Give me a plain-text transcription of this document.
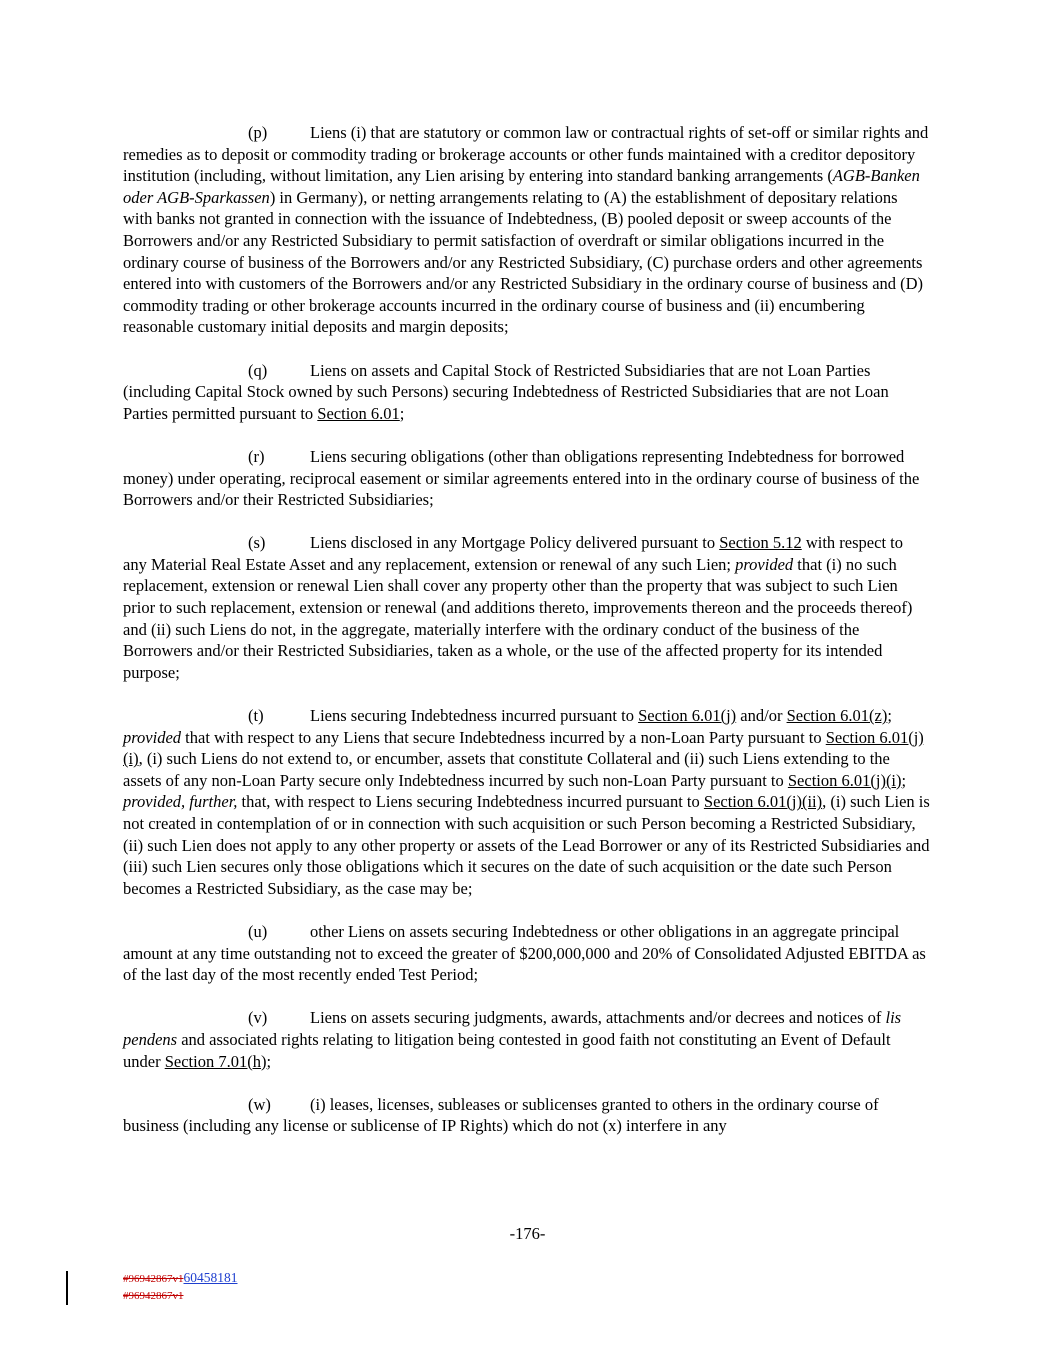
(p)	Liens (i) that are statutory or common law or contractual rights of set-off or similar rights and remedies as to deposit or commodity trading or brokerage accounts or other funds maintained with a creditor depository institution (including, without limitation, any Lien arising by entering into standard banking arrangements (AGB-Banken oder AGB-Sparkassen) in Germany), or netting arrangements relating to (A) the establishment of depositary relations with banks not granted in connection with the issuance of Indebtedness, (B) pooled deposit or sweep accounts of the Borrowers and/or any Restricted Subsidiary to permit satisfaction of overdraft or similar obligations incurred in the ordinary course of business of the Borrowers and/or any Restricted Subsidiary, (C) purchase orders and other agreements entered into with customers of the Borrowers and/or any Restricted Subsidiary in the ordinary course of business and (D) commodity trading or other brokerage accounts incurred in the ordinary course of business and (ii) encumbering reasonable customary initial deposits and margin deposits;

(q)	Liens on assets and Capital Stock of Restricted Subsidiaries that are not Loan Parties (including Capital Stock owned by such Persons) securing Indebtedness of Restricted Subsidiaries that are not Loan Parties permitted pursuant to Section 6.01;

(r)	Liens securing obligations (other than obligations representing Indebtedness for borrowed money) under operating, reciprocal easement or similar agreements entered into in the ordinary course of business of the Borrowers and/or their Restricted Subsidiaries;

(s)	Liens disclosed in any Mortgage Policy delivered pursuant to Section 5.12 with respect to any Material Real Estate Asset and any replacement, extension or renewal of any such Lien; provided that (i) no such replacement, extension or renewal Lien shall cover any property other than the property that was subject to such Lien prior to such replacement, extension or renewal (and additions thereto, improvements thereon and the proceeds thereof) and (ii) such Liens do not, in the aggregate, materially interfere with the ordinary conduct of the business of the Borrowers and/or their Restricted Subsidiaries, taken as a whole, or the use of the affected property for its intended purpose;

(t)	Liens securing Indebtedness incurred pursuant to Section 6.01(j) and/or Section 6.01(z); provided that with respect to any Liens that secure Indebtedness incurred by a non-Loan Party pursuant to Section 6.01(j)(i), (i) such Liens do not extend to, or encumber, assets that constitute Collateral and (ii) such Liens extending to the assets of any non-Loan Party secure only Indebtedness incurred by such non-Loan Party pursuant to Section 6.01(j)(i); provided, further, that, with respect to Liens securing Indebtedness incurred pursuant to Section 6.01(j)(ii), (i) such Lien is not created in contemplation of or in connection with such acquisition or such Person becoming a Restricted Subsidiary, (ii) such Lien does not apply to any other property or assets of the Lead Borrower or any of its Restricted Subsidiaries and (iii) such Lien secures only those obligations which it secures on the date of such acquisition or the date such Person becomes a Restricted Subsidiary, as the case may be;

(u)	other Liens on assets securing Indebtedness or other obligations in an aggregate principal amount at any time outstanding not to exceed the greater of $200,000,000 and 20% of Consolidated Adjusted EBITDA as of the last day of the most recently ended Test Period;

(v)	Liens on assets securing judgments, awards, attachments and/or decrees and notices of lis pendens and associated rights relating to litigation being contested in good faith not constituting an Event of Default under Section 7.01(h);

(w) (i) leases, licenses, subleases or sublicenses granted to others in the ordinary course of business (including any license or sublicense of IP Rights) which do not (x) interfere in any

-176-
#96942867v160458181
#96942867v1
